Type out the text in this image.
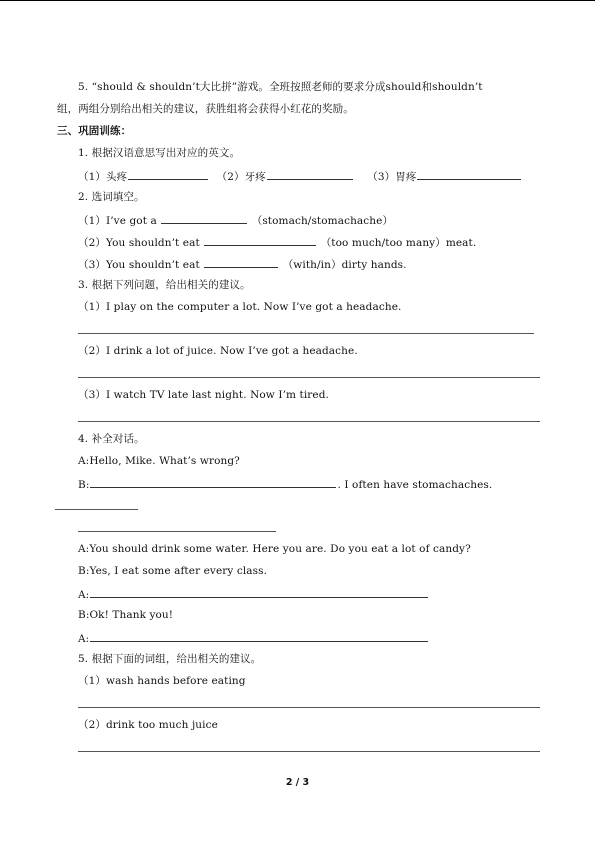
5. “should & shouldn’t大比拼”游戏。全班按照老师的要求分成should和shouldn’t
组，两组分别给出相关的建议，获胜组将会获得小红花的奖励。
三、巩固训练：
1. 根据汉语意思写出对应的英文。
（1）头疼	（2）牙疼	（3）胃疼
2. 选词填空。
（1）I’ve got a	（stomach/stomachache）
（2）You shouldn’t eat	（too much/too many）meat.
（3）You shouldn’t eat	（with/in）dirty hands.
3. 根据下列问题，给出相关的建议。
（1）I play on the computer a lot. Now I’ve got a headache.
（2）I drink a lot of juice. Now I’ve got a headache.
（3）I watch TV late last night. Now I’m tired.
4. 补全对话。
A:Hello, Mike. What’s wrong?
B:	. I often have stomachaches.
A:You should drink some water. Here you are. Do you eat a lot of candy?
B:Yes, I eat some after every class.
A:
B:Ok! Thank you!
A:
5. 根据下面的词组，给出相关的建议。
（1）wash hands before eating
（2）drink too much juice
2 / 3
